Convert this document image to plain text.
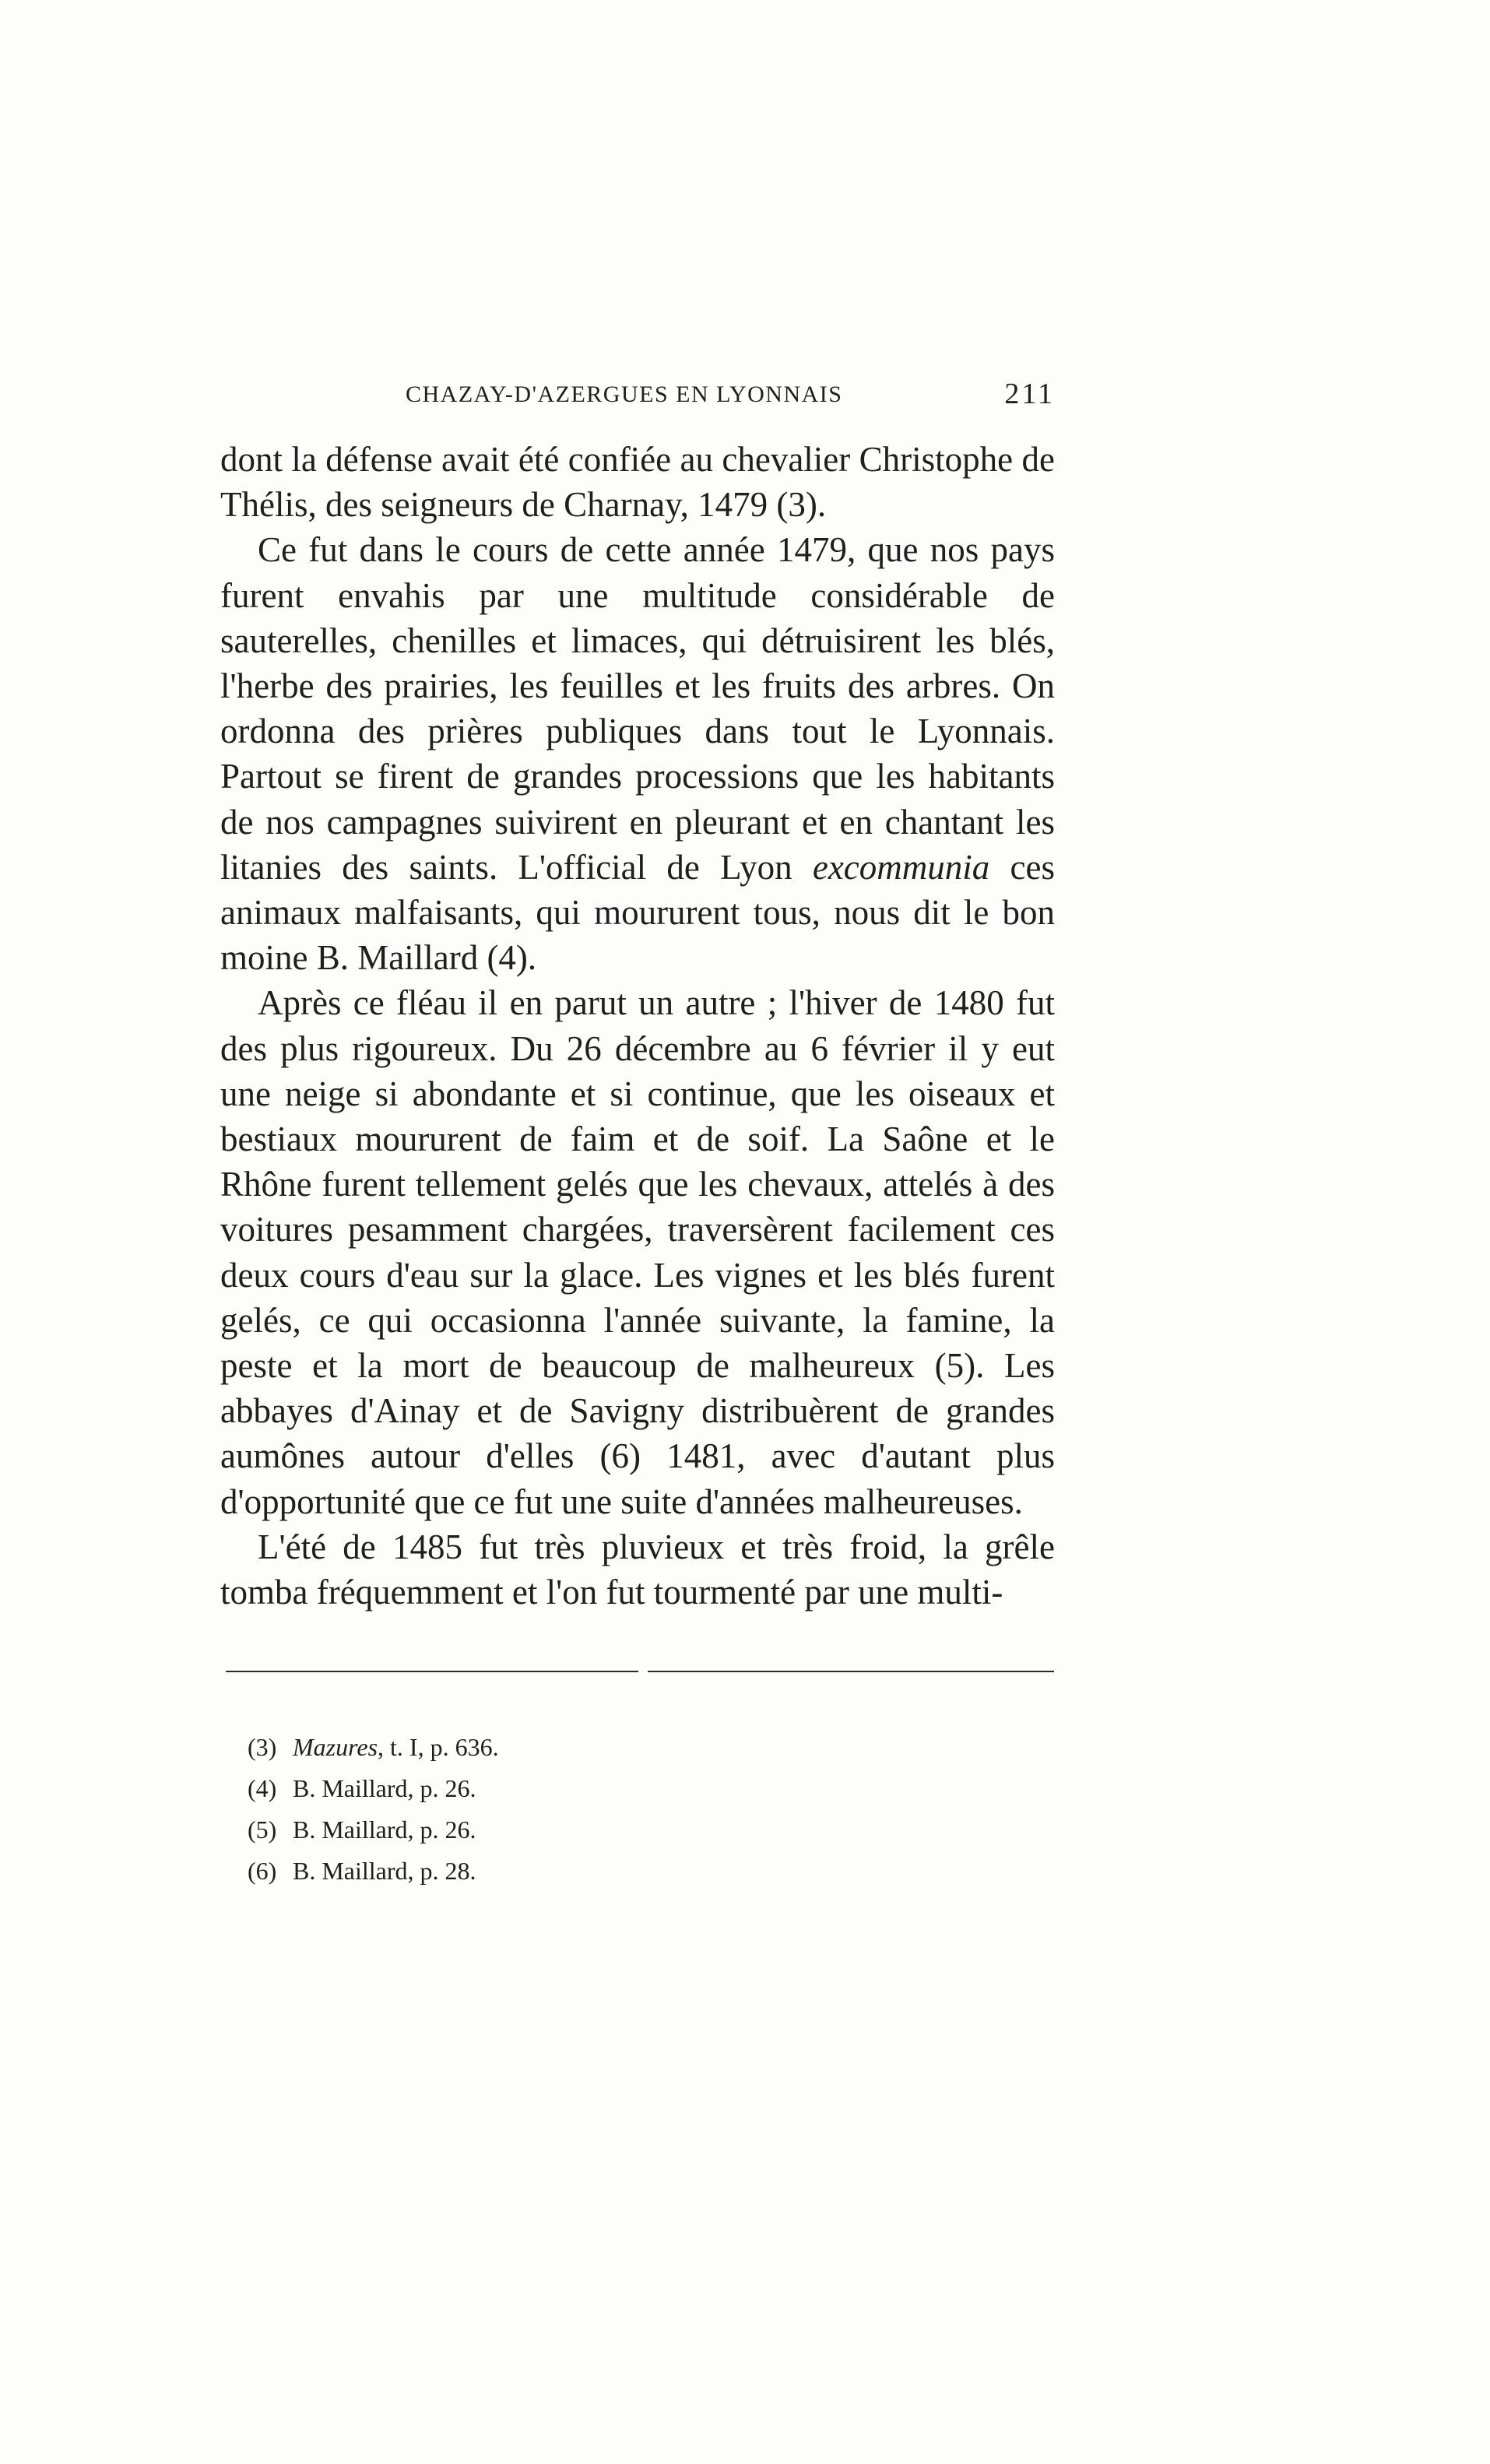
CHAZAY-D'AZERGUES EN LYONNAIS	211

dont la défense avait été confiée au chevalier Christophe de Thélis, des seigneurs de Charnay, 1479 (3).

Ce fut dans le cours de cette année 1479, que nos pays furent envahis par une multitude considérable de sauterelles, chenilles et limaces, qui détruisirent les blés, l'herbe des prairies, les feuilles et les fruits des arbres. On ordonna des prières publiques dans tout le Lyonnais. Partout se firent de grandes processions que les habitants de nos campagnes suivirent en pleurant et en chantant les litanies des saints. L'official de Lyon excommunia ces animaux malfaisants, qui moururent tous, nous dit le bon moine B. Maillard (4).

Après ce fléau il en parut un autre ; l'hiver de 1480 fut des plus rigoureux. Du 26 décembre au 6 février il y eut une neige si abondante et si continue, que les oiseaux et bestiaux moururent de faim et de soif. La Saône et le Rhône furent tellement gelés que les chevaux, attelés à des voitures pesamment chargées, traversèrent facilement ces deux cours d'eau sur la glace. Les vignes et les blés furent gelés, ce qui occasionna l'année suivante, la famine, la peste et la mort de beaucoup de malheureux (5). Les abbayes d'Ainay et de Savigny distribuèrent de grandes aumônes autour d'elles (6) 1481, avec d'autant plus d'opportunité que ce fut une suite d'années malheureuses.

L'été de 1485 fut très pluvieux et très froid, la grêle tomba fréquemment et l'on fut tourmenté par une multi-

(3) Mazures, t. I, p. 636.
(4) B. Maillard, p. 26.
(5) B. Maillard, p. 26.
(6) B. Maillard, p. 28.
